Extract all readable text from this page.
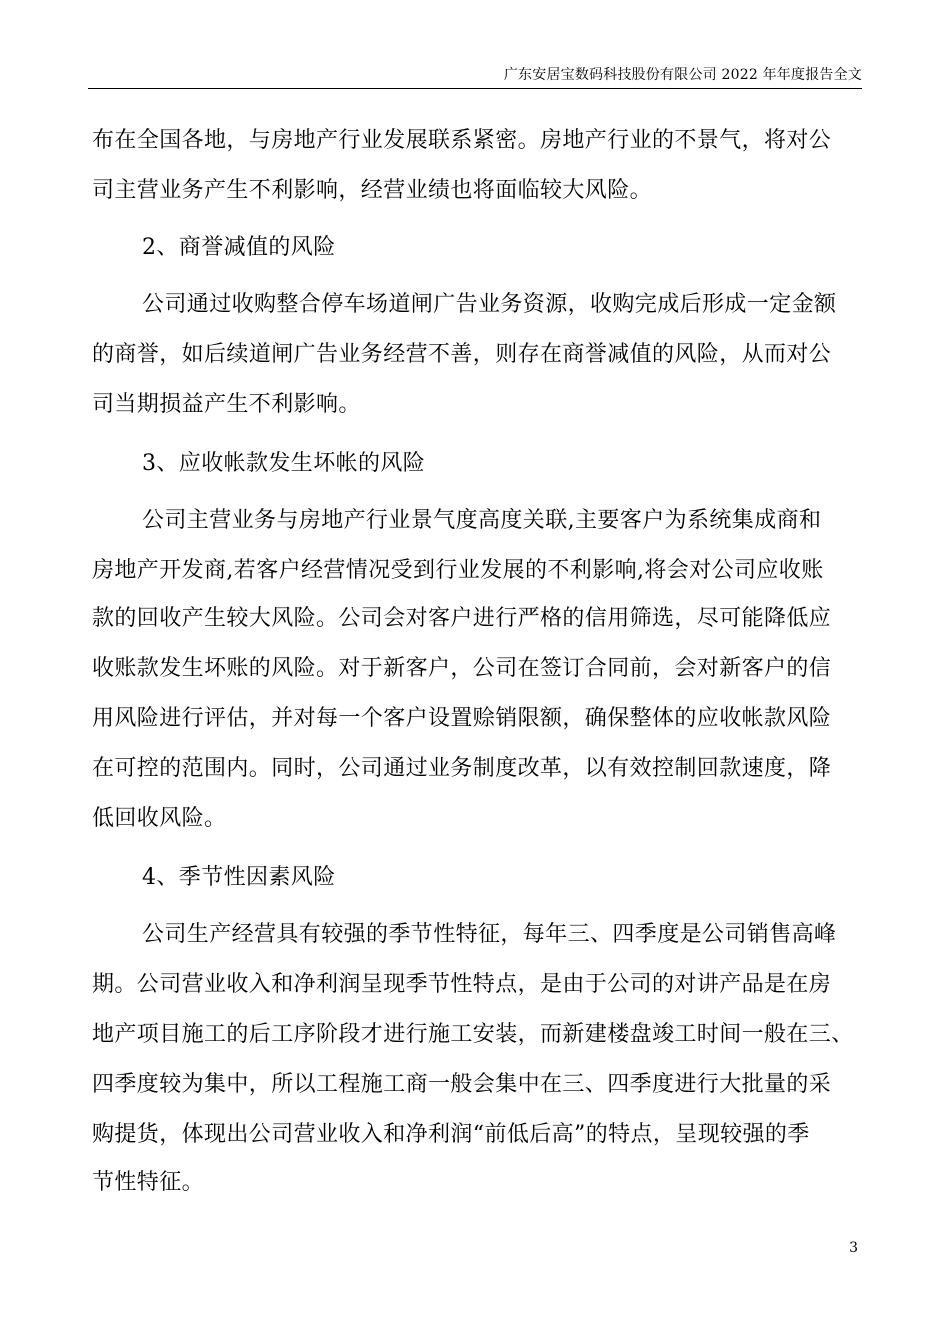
广东安居宝数码科技股份有限公司 2022 年年度报告全文
布在全国各地，与房地产行业发展联系紧密。房地产行业的不景气，将对公
司主营业务产生不利影响，经营业绩也将面临较大风险。
2、商誉减值的风险
公司通过收购整合停车场道闸广告业务资源，收购完成后形成一定金额
的商誉，如后续道闸广告业务经营不善，则存在商誉减值的风险，从而对公
司当期损益产生不利影响。
3、应收帐款发生坏帐的风险
公司主营业务与房地产行业景气度高度关联,主要客户为系统集成商和
房地产开发商,若客户经营情况受到行业发展的不利影响,将会对公司应收账
款的回收产生较大风险。公司会对客户进行严格的信用筛选，尽可能降低应
收账款发生坏账的风险。对于新客户，公司在签订合同前，会对新客户的信
用风险进行评估，并对每一个客户设置赊销限额，确保整体的应收帐款风险
在可控的范围内。同时，公司通过业务制度改革，以有效控制回款速度，降
低回收风险。
4、季节性因素风险
公司生产经营具有较强的季节性特征，每年三、四季度是公司销售高峰
期。公司营业收入和净利润呈现季节性特点，是由于公司的对讲产品是在房
地产项目施工的后工序阶段才进行施工安装，而新建楼盘竣工时间一般在三、
四季度较为集中，所以工程施工商一般会集中在三、四季度进行大批量的采
购提货，体现出公司营业收入和净利润“前低后高”的特点，呈现较强的季
节性特征。
3
